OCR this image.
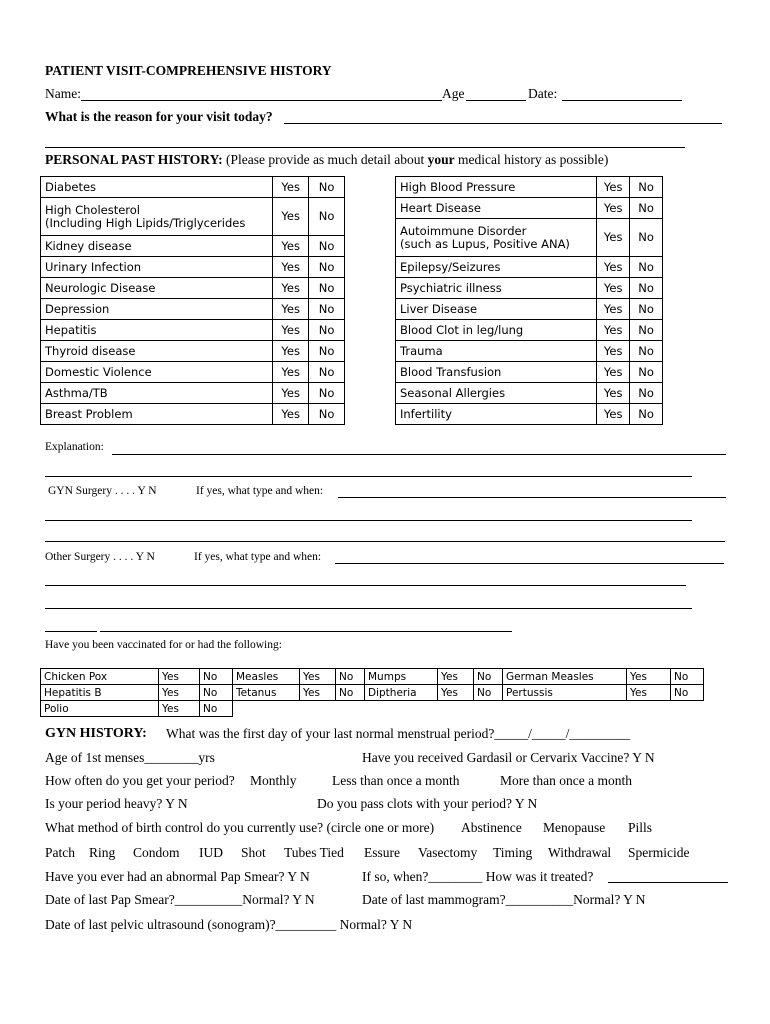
PATIENT VISIT-COMPREHENSIVE HISTORY
Name:	Age	Date:
What is the reason for your visit today?
PERSONAL PAST HISTORY: (Please provide as much detail about your medical history as possible)
Diabetes	Yes	No
High Cholesterol
(Including High Lipids/Triglycerides	Yes	No
Kidney disease	Yes	No
Urinary Infection	Yes	No
Neurologic Disease	Yes	No
Depression	Yes	No
Hepatitis	Yes	No
Thyroid disease	Yes	No
Domestic Violence	Yes	No
Asthma/TB	Yes	No
Breast Problem	Yes	No
High Blood Pressure	Yes	No
Heart Disease	Yes	No
Autoimmune Disorder
(such as Lupus, Positive ANA)	Yes	No
Epilepsy/Seizures	Yes	No
Psychiatric illness	Yes	No
Liver Disease	Yes	No
Blood Clot in leg/lung	Yes	No
Trauma	Yes	No
Blood Transfusion	Yes	No
Seasonal Allergies	Yes	No
Infertility	Yes	No
Explanation:
GYN Surgery . . . . Y N	If yes, what type and when:
Other Surgery . . . . Y N	If yes, what type and when:
Have you been vaccinated for or had the following:
Chicken Pox	Yes	No	Measles	Yes	No	Mumps	Yes	No	German Measles	Yes	No
Hepatitis B	Yes	No	Tetanus	Yes	No	Diptheria	Yes	No	Pertussis	Yes	No
Polio	Yes	No									
GYN HISTORY: What was the first day of your last normal menstrual period?_____/_____/_________
Age of 1st menses________yrs	Have you received Gardasil or Cervarix Vaccine? Y N
How often do you get your period? Monthly	Less than once a month	More than once a month
Is your period heavy? Y N	Do you pass clots with your period? Y N
What method of birth control do you currently use? (circle one or more) Abstinence Menopause Pills
Patch Ring Condom IUD Shot Tubes Tied Essure Vasectomy Timing Withdrawal Spermicide
Have you ever had an abnormal Pap Smear? Y N	If so, when?________ How was it treated?
Date of last Pap Smear?__________Normal? Y N	Date of last mammogram?__________Normal? Y N
Date of last pelvic ultrasound (sonogram)?_________ Normal? Y N
